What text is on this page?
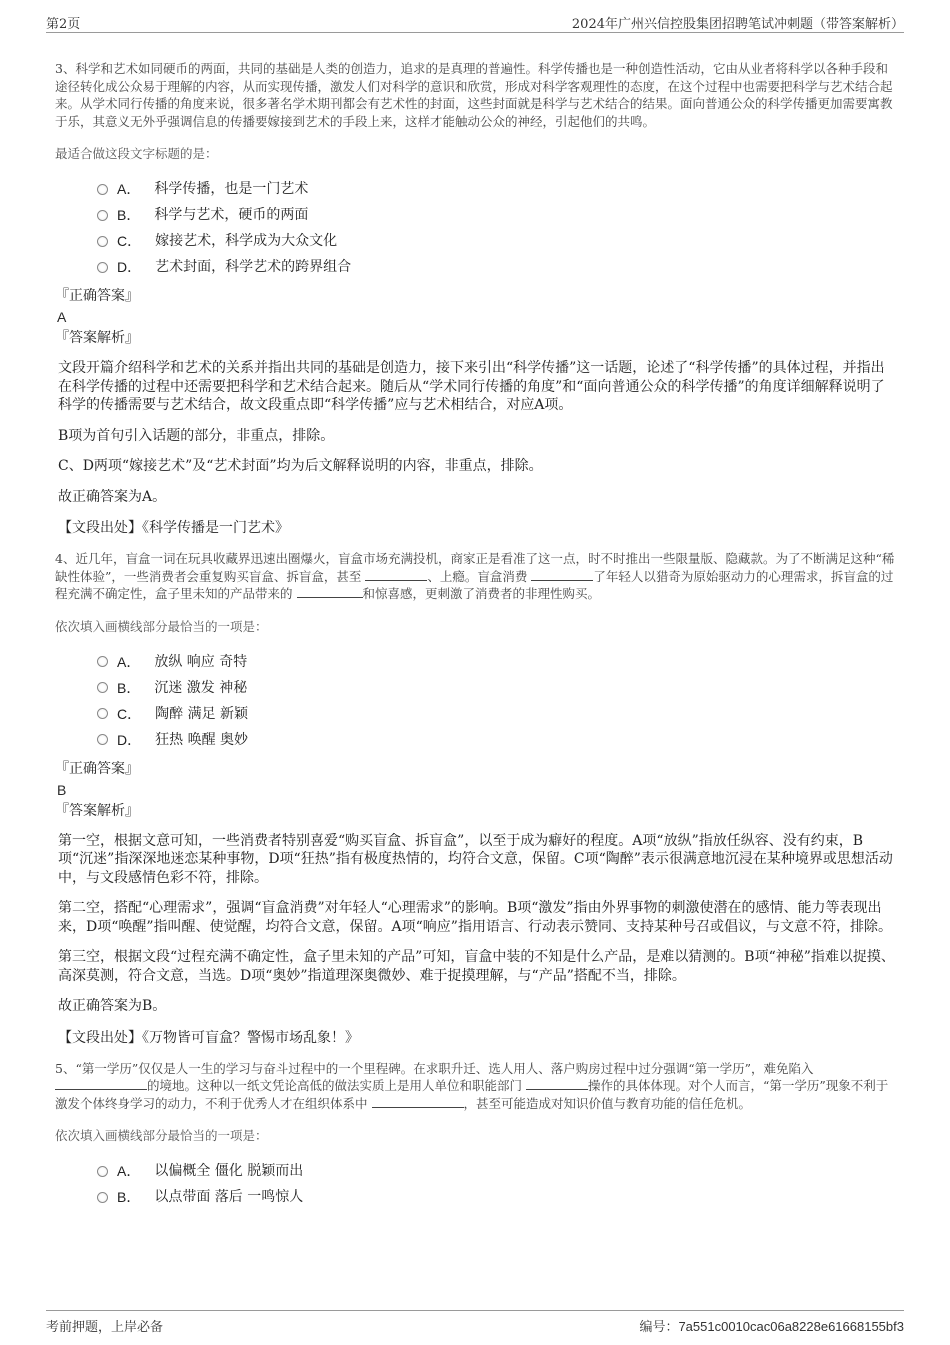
第2页	2024年广州兴信控股集团招聘笔试冲刺题（带答案解析）

3、科学和艺术如同硬币的两面，共同的基础是人类的创造力，追求的是真理的普遍性。科学传播也是一种创造性活动，它由从业者将科学以各种手段和途径转化成公众易于理解的内容，从而实现传播，激发人们对科学的意识和欣赏，形成对科学客观理性的态度，在这个过程中也需要把科学与艺术结合起来。从学术同行传播的角度来说，很多著名学术期刊都会有艺术性的封面，这些封面就是科学与艺术结合的结果。面向普通公众的科学传播更加需要寓教于乐，其意义无外乎强调信息的传播要嫁接到艺术的手段上来，这样才能触动公众的神经，引起他们的共鸣。

最适合做这段文字标题的是：

A． 科学传播，也是一门艺术
B． 科学与艺术，硬币的两面
C． 嫁接艺术，科学成为大众文化
D． 艺术封面，科学艺术的跨界组合
『正确答案』
A
『答案解析』

文段开篇介绍科学和艺术的关系并指出共同的基础是创造力，接下来引出“科学传播”这一话题，论述了“科学传播”的具体过程，并指出在科学传播的过程中还需要把科学和艺术结合起来。随后从“学术同行传播的角度”和“面向普通公众的科学传播”的角度详细解释说明了科学的传播需要与艺术结合，故文段重点即“科学传播”应与艺术相结合，对应A项。

B项为首句引入话题的部分，非重点，排除。

C、D两项“嫁接艺术”及“艺术封面”均为后文解释说明的内容，非重点，排除。

故正确答案为A。

【文段出处】《科学传播是一门艺术》

4、近几年，盲盒一词在玩具收藏界迅速出圈爆火，盲盒市场充满投机，商家正是看准了这一点，时不时推出一些限量版、隐藏款。为了不断满足这种“稀缺性体验”，一些消费者会重复购买盲盒、拆盲盒，甚至	、上瘾。盲盒消费	了年轻人以猎奇为原始驱动力的心理需求，拆盲盒的过程充满不确定性，盒子里未知的产品带来的	和惊喜感，更刺激了消费者的非理性购买。

依次填入画横线部分最恰当的一项是：

A． 放纵 响应 奇特
B． 沉迷 激发 神秘
C． 陶醉 满足 新颖
D． 狂热 唤醒 奥妙
『正确答案』
B
『答案解析』

第一空，根据文意可知，一些消费者特别喜爱“购买盲盒、拆盲盒”，以至于成为癖好的程度。A项“放纵”指放任纵容、没有约束，B项“沉迷”指深深地迷恋某种事物，D项“狂热”指有极度热情的，均符合文意，保留。C项“陶醉”表示很满意地沉浸在某种境界或思想活动中，与文段感情色彩不符，排除。

第二空，搭配“心理需求”，强调“盲盒消费”对年轻人“心理需求”的影响。B项“激发”指由外界事物的刺激使潜在的感情、能力等表现出来，D项“唤醒”指叫醒、使觉醒，均符合文意，保留。A项“响应”指用语言、行动表示赞同、支持某种号召或倡议，与文意不符，排除。

第三空，根据文段“过程充满不确定性，盒子里未知的产品”可知，盲盒中装的不知是什么产品，是难以猜测的。B项“神秘”指难以捉摸、高深莫测，符合文意，当选。D项“奥妙”指道理深奥微妙、难于捉摸理解，与“产品”搭配不当，排除。

故正确答案为B。

【文段出处】《万物皆可盲盒？警惕市场乱象！》

5、“第一学历”仅仅是人一生的学习与奋斗过程中的一个里程碑。在求职升迁、选人用人、落户购房过程中过分强调“第一学历”，难免陷入的境地。这种以一纸文凭论高低的做法实质上是用人单位和职能部门	操作的具体体现。对个人而言，“第一学历”现象不利于激发个体终身学习的动力，不利于优秀人才在组织体系中	，甚至可能造成对知识价值与教育功能的信任危机。

依次填入画横线部分最恰当的一项是：

A． 以偏概全 僵化 脱颖而出
B． 以点带面 落后 一鸣惊人
考前押题，上岸必备	编号：7a551c0010cac06a8228e61668155bf3
